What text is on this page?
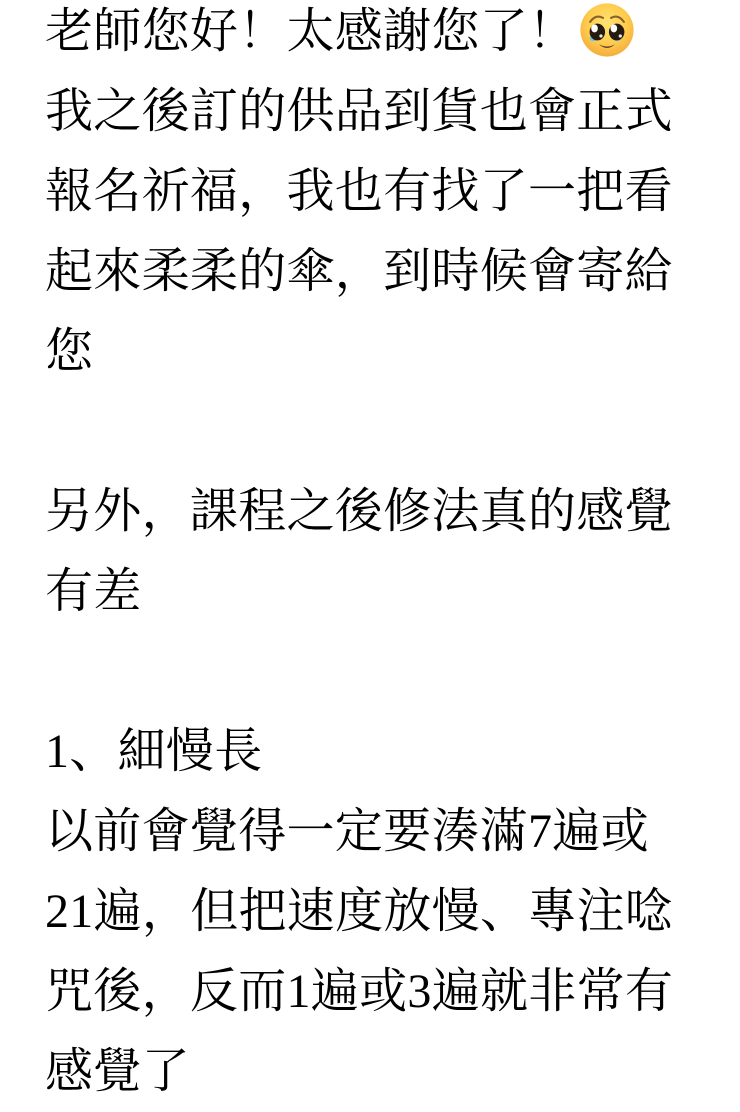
老師您好！太感謝您了！
我之後訂的供品到貨也會正式
報名祈福，我也有找了一把看
起來柔柔的傘，到時候會寄給
您
另外，課程之後修法真的感覺
有差
1、細慢長
以前會覺得一定要湊滿7遍或
21遍，但把速度放慢、專注唸
咒後，反而1遍或3遍就非常有
感覺了
